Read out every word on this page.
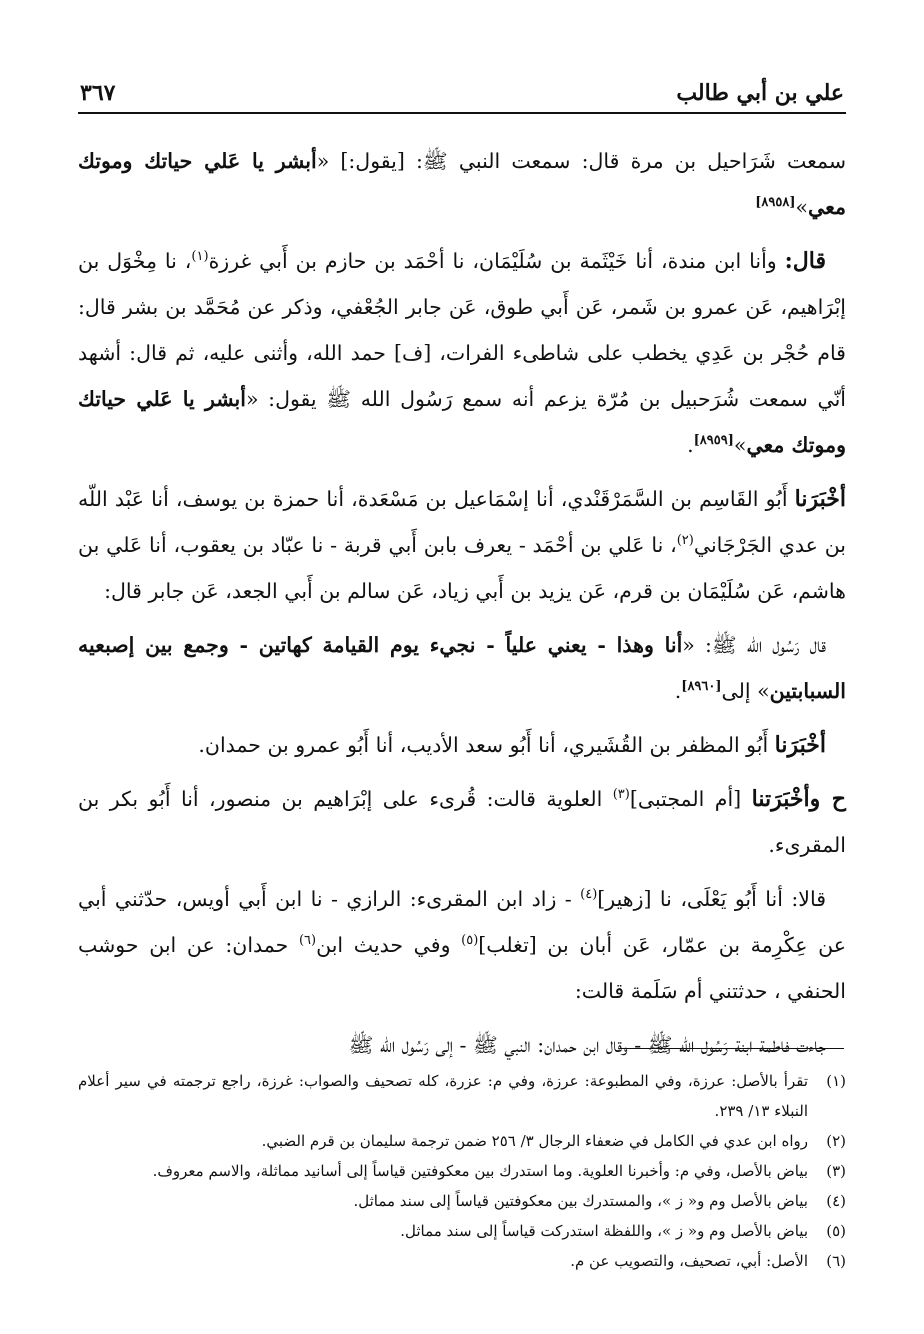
علي بن أبي طالب
٣٦٧

سمعت شَرَاحيل بن مرة قال: سمعت النبي ﷺ: [يقول:] «أبشر يا عَلي حياتك وموتك معي»[٨٩٥٨]

قال: وأنا ابن مندة، أنا خَيْثَمة بن سُلَيْمَان، نا أحْمَد بن حازم بن أَبي غرزة$^{(١)}$، نا مِخْوَل بن إبْرَاهيم، عَن عمرو بن شَمر، عَن أَبي طوق، عَن جابر الجُعْفي، وذكر عن مُحَمَّد بن بشر قال: قام حُجْر بن عَدِي يخطب على شاطىء الفرات، [ف] حمد الله، وأثنى عليه، ثم قال: أشهد أنّي سمعت شُرَحبيل بن مُرّة يزعم أنه سمع رَسُول الله ﷺ يقول: «أبشر يا عَلي حياتك وموتك معي»[٨٩٥٩].

أخْبَرَنا أَبُو القَاسِم بن السَّمَرْقَنْدي، أنا إسْمَاعيل بن مَسْعَدة، أنا حمزة بن يوسف، أنا عَبْد اللّه بن عدي الجَرْجَاني$^{(٢)}$، نا عَلي بن أحْمَد - يعرف بابن أَبي قربة - نا عبّاد بن يعقوب، أنا عَلي بن هاشم، عَن سُلَيْمَان بن قرم، عَن يزيد بن أَبي زياد، عَن سالم بن أَبي الجعد، عَن جابر قال:

قال رَسُول الله ﷺ: «أنا وهذا - يعني علياً - نجيء يوم القيامة كهاتين - وجمع بين إصبعيه السبابتين» إلى[٨٩٦٠].

أخْبَرَنا أَبُو المظفر بن القُشَيري، أنا أَبُو سعد الأديب، أنا أَبُو عمرو بن حمدان.

ح وأخْبَرَتنا [أم المجتبى]$^{(٣)}$ العلوية قالت: قُرىء على إبْرَاهيم بن منصور، أنا أَبُو بكر بن المقرىء.

قالا: أنا أَبُو يَعْلَى، نا [زهير]$^{(٤)}$ - زاد ابن المقرىء: الرازي - نا ابن أَبي أويس، حدّثني أبي عن عِكْرِمة بن عمّار، عَن أبان بن [تغلب]$^{(٥)}$ وفي حديث ابن$^{(٦)}$ حمدان: عن ابن حوشب الحنفي ، حدثتني أم سَلَمة قالت:

جاءت فاطمة ابنة رَسُول الله ﷺ - وقال ابن حمدان: النبي ﷺ - إلى رَسُول الله ﷺ

(١)
تقرأ بالأصل: عرزة، وفي المطبوعة: عرزة، وفي م: عزرة، كله تصحيف والصواب: غرزة، راجع ترجمته في سير أعلام النبلاء ١٣/ ٢٣٩.
(٢)
رواه ابن عدي في الكامل في ضعفاء الرجال ٣/ ٢٥٦ ضمن ترجمة سليمان بن قرم الضبي.
(٣)
بياض بالأصل، وفي م: وأخبرنا العلوية. وما استدرك بين معكوفتين قياساً إلى أسانيد مماثلة، والاسم معروف.
(٤)
بياض بالأصل وم و« ز »، والمستدرك بين معكوفتين قياساً إلى سند مماثل.
(٥)
بياض بالأصل وم و« ز »، واللفظة استدركت قياساً إلى سند مماثل.
(٦)
الأصل: أبي، تصحيف، والتصويب عن م.
